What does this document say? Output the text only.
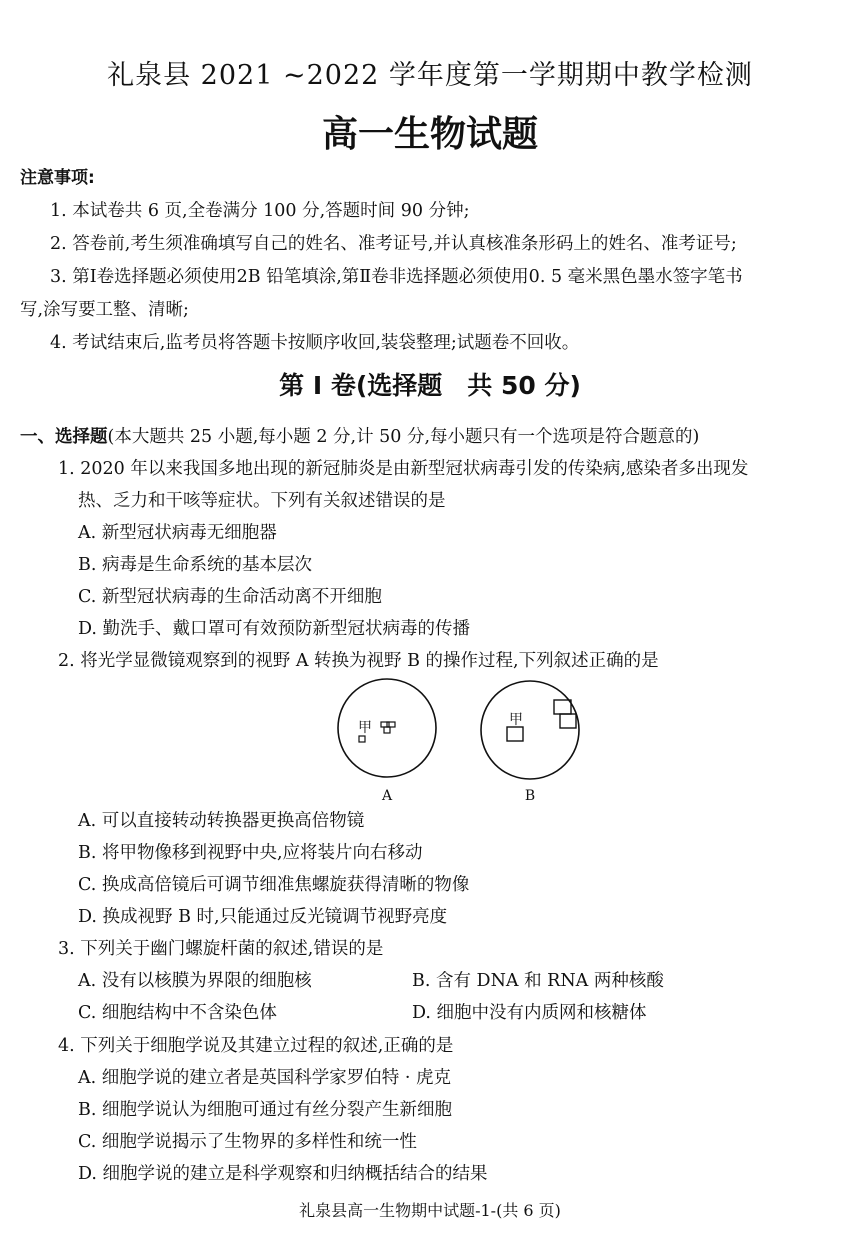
礼泉县 2021 ~2022 学年度第一学期期中教学检测
高一生物试题
注意事项:
1. 本试卷共 6 页,全卷满分 100 分,答题时间 90 分钟;
2. 答卷前,考生须准确填写自己的姓名、准考证号,并认真核准条形码上的姓名、准考证号;
3. 第Ⅰ卷选择题必须使用2B 铅笔填涂,第Ⅱ卷非选择题必须使用0. 5 毫米黑色墨水签字笔书
写,涂写要工整、清晰;
4. 考试结束后,监考员将答题卡按顺序收回,装袋整理;试题卷不回收。
第 Ⅰ 卷(选择题　共 50 分)
一、选择题(本大题共 25 小题,每小题 2 分,计 50 分,每小题只有一个选项是符合题意的)
1. 2020 年以来我国多地出现的新冠肺炎是由新型冠状病毒引发的传染病,感染者多出现发
热、乏力和干咳等症状。下列有关叙述错误的是
A. 新型冠状病毒无细胞器
B. 病毒是生命系统的基本层次
C. 新型冠状病毒的生命活动离不开细胞
D. 勤洗手、戴口罩可有效预防新型冠状病毒的传播
2. 将光学显微镜观察到的视野 A 转换为视野 B 的操作过程,下列叙述正确的是
甲
A
甲
B
A. 可以直接转动转换器更换高倍物镜
B. 将甲物像移到视野中央,应将装片向右移动
C. 换成高倍镜后可调节细准焦螺旋获得清晰的物像
D. 换成视野 B 时,只能通过反光镜调节视野亮度
3. 下列关于幽门螺旋杆菌的叙述,错误的是
A. 没有以核膜为界限的细胞核	B. 含有 DNA 和 RNA 两种核酸
C. 细胞结构中不含染色体	D. 细胞中没有内质网和核糖体
4. 下列关于细胞学说及其建立过程的叙述,正确的是
A. 细胞学说的建立者是英国科学家罗伯特 · 虎克
B. 细胞学说认为细胞可通过有丝分裂产生新细胞
C. 细胞学说揭示了生物界的多样性和统一性
D. 细胞学说的建立是科学观察和归纳概括结合的结果
礼泉县高一生物期中试题-1-(共 6 页)
